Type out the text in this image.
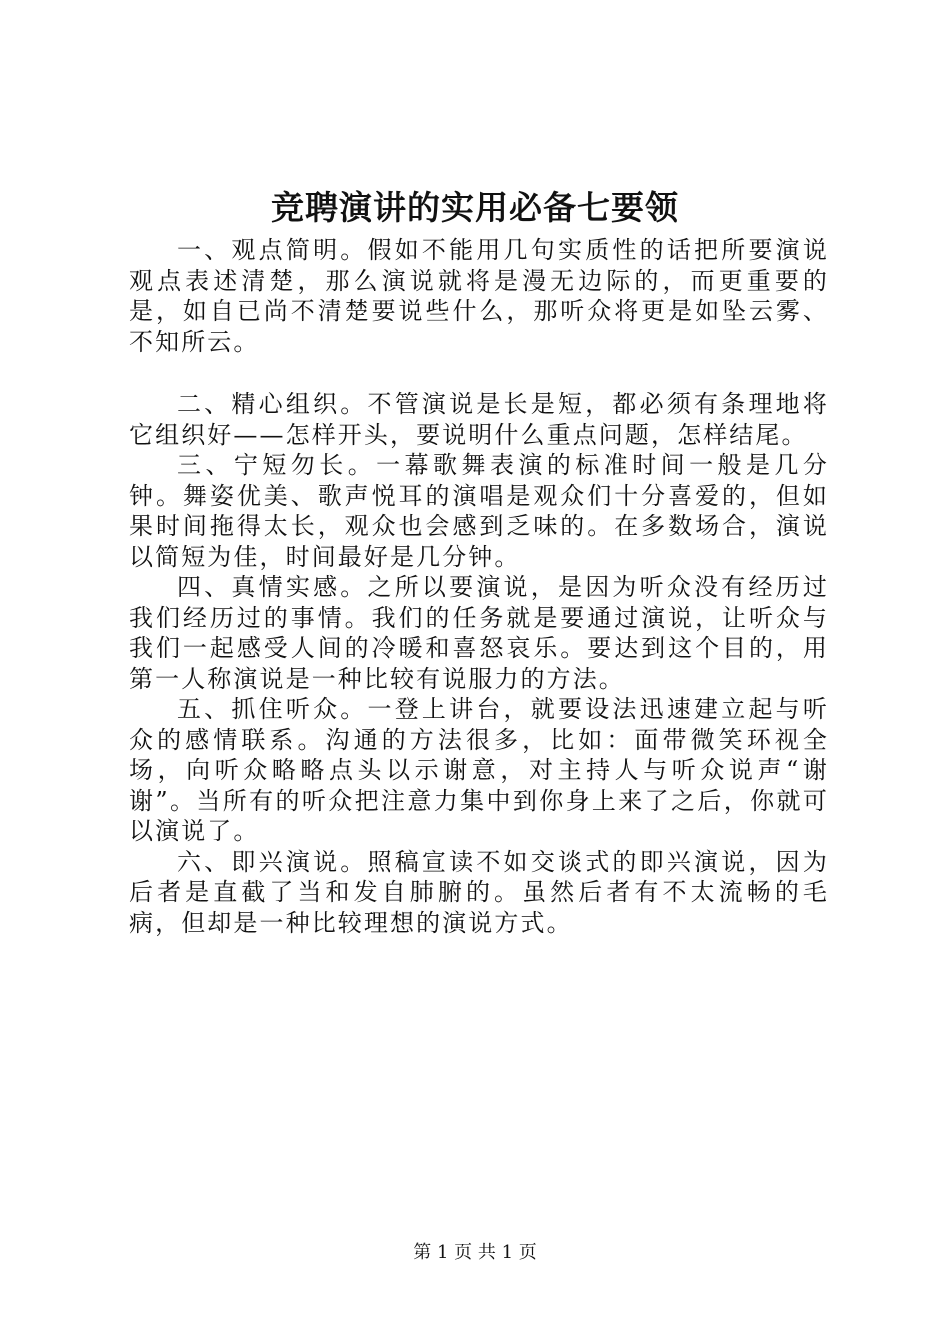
竞聘演讲的实用必备七要领

一、观点简明。假如不能用几句实质性的话把所要演说观点表述清楚，那么演说就将是漫无边际的，而更重要的是，如自已尚不清楚要说些什么，那听众将更是如坠云雾、不知所云。

二、精心组织。不管演说是长是短，都必须有条理地将它组织好——怎样开头，要说明什么重点问题，怎样结尾。

三、宁短勿长。一幕歌舞表演的标准时间一般是几分钟。舞姿优美、歌声悦耳的演唱是观众们十分喜爱的，但如果时间拖得太长，观众也会感到乏味的。在多数场合，演说以简短为佳，时间最好是几分钟。

四、真情实感。之所以要演说，是因为听众没有经历过我们经历过的事情。我们的任务就是要通过演说，让听众与我们一起感受人间的冷暖和喜怒哀乐。要达到这个目的，用第一人称演说是一种比较有说服力的方法。

五、抓住听众。一登上讲台，就要设法迅速建立起与听众的感情联系。沟通的方法很多，比如：面带微笑环视全场，向听众略略点头以示谢意，对主持人与听众说声“谢谢”。当所有的听众把注意力集中到你身上来了之后，你就可以演说了。

六、即兴演说。照稿宣读不如交谈式的即兴演说，因为后者是直截了当和发自肺腑的。虽然后者有不太流畅的毛病，但却是一种比较理想的演说方式。

第 1 页 共 1 页
